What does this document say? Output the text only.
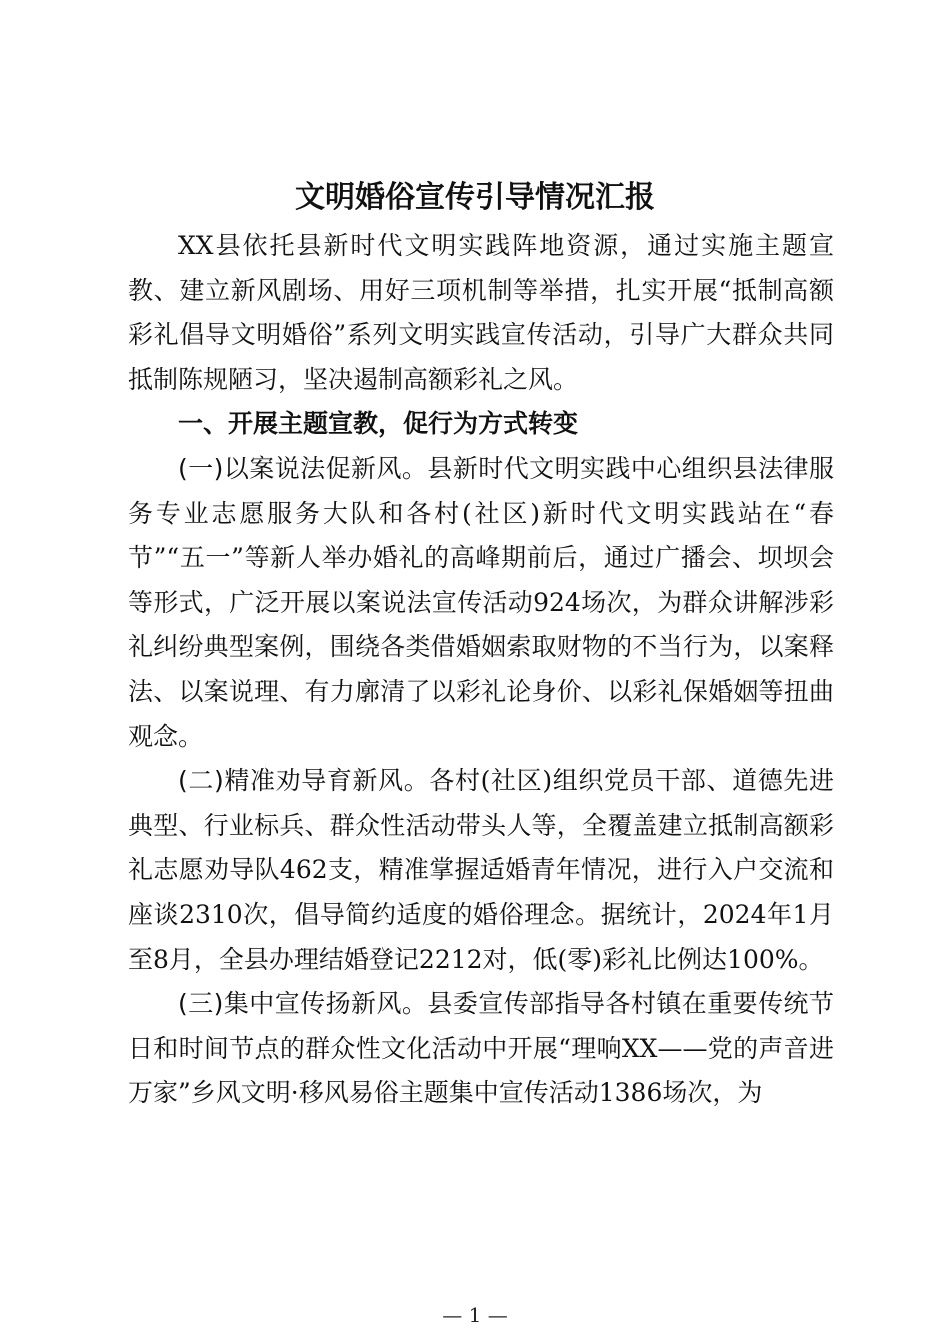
文明婚俗宣传引导情况汇报

XX县依托县新时代文明实践阵地资源，通过实施主题宣教、建立新风剧场、用好三项机制等举措，扎实开展“抵制高额彩礼倡导文明婚俗”系列文明实践宣传活动，引导广大群众共同抵制陈规陋习，坚决遏制高额彩礼之风。

一、开展主题宣教，促行为方式转变

(一)以案说法促新风。县新时代文明实践中心组织县法律服务专业志愿服务大队和各村(社区)新时代文明实践站在“春节”“五一”等新人举办婚礼的高峰期前后，通过广播会、坝坝会等形式，广泛开展以案说法宣传活动924场次，为群众讲解涉彩礼纠纷典型案例，围绕各类借婚姻索取财物的不当行为，以案释法、以案说理、有力廓清了以彩礼论身价、以彩礼保婚姻等扭曲观念。

(二)精准劝导育新风。各村(社区)组织党员干部、道德先进典型、行业标兵、群众性活动带头人等，全覆盖建立抵制高额彩礼志愿劝导队462支，精准掌握适婚青年情况，进行入户交流和座谈2310次，倡导简约适度的婚俗理念。据统计，2024年1月至8月，全县办理结婚登记2212对，低(零)彩礼比例达100%。

(三)集中宣传扬新风。县委宣传部指导各村镇在重要传统节日和时间节点的群众性文化活动中开展“理响XX——党的声音进万家”乡风文明·移风易俗主题集中宣传活动1386场次，为

— 1 —
